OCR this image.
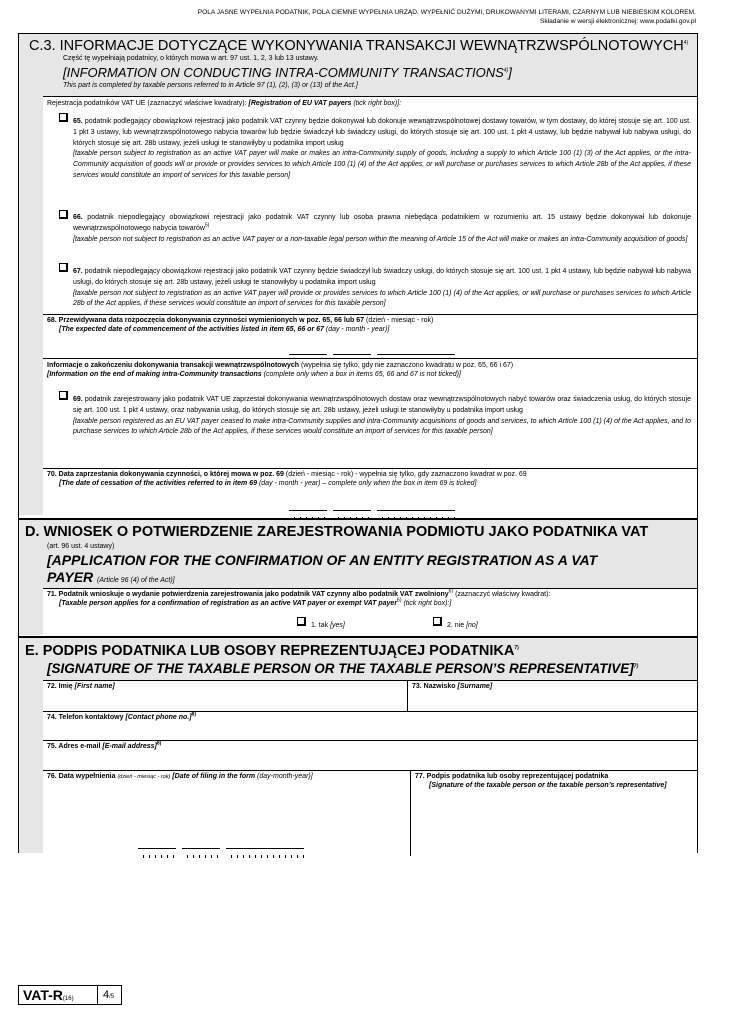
POLA JASNE WYPEŁNIA PODATNIK, POLA CIEMNE WYPEŁNIA URZĄD. WYPEŁNIĆ DUŻYMI, DRUKOWANYMI LITERAMI, CZARNYM LUB NIEBIESKIM KOLOREM.
Składanie w wersji elektronicznej: www.podatki.gov.pl
C.3. INFORMACJE DOTYCZĄCE WYKONYWANIA TRANSAKCJI WEWNĄTRZWSPÓLNOTOWYCH$^{4)}$
Część tę wypełniają podatnicy, o których mowa w art. 97 ust. 1, 2, 3 lub 13 ustawy.
[INFORMATION ON CONDUCTING INTRA-COMMUNITY TRANSACTIONS$^{4)}$]
This part is completed by taxable persons referred to in Article 97 (1), (2), (3) or (13) of the Act.]
Rejestracja podatników VAT UE (zaznaczyć właściwe kwadraty): [Registration of EU VAT payers (tick right box)]:
65. podatnik podlegający obowiązkowi rejestracji jako podatnik VAT czynny będzie dokonywał lub dokonuje wewnątrzwspólnotowej dostawy towarów, w tym dostawy, do której stosuje się art. 100 ust. 1 pkt 3 ustawy, lub wewnątrzwspólnotowego nabycia towarów lub będzie świadczył lub świadczy usługi, do których stosuje się art. 100 ust. 1 pkt 4 ustawy, lub będzie nabywał lub nabywa usługi, do których stosuje się art. 28b ustawy, jeżeli usługi te stanowiłyby u podatnika import usług
[taxable person subject to registration as an active VAT payer will make or makes an intra-Community supply of goods, including a supply to which Article 100 (1) (3) of the Act applies, or the intra-Community acquisition of goods will or provide or provides services to which Article 100 (1) (4) of the Act applies, or will purchase or purchases services to which Article 28b of the Act applies, if these services would constitute an import of services for this taxable person]
66. podatnik niepodlegający obowiązkowi rejestracji jako podatnik VAT czynny lub osoba prawna niebędąca podatnikiem w rozumieniu art. 15 ustawy będzie dokonywał lub dokonuje wewnątrzwspólnotowego nabycia towarów$^{5)}$
[taxable person not subject to registration as an active VAT payer or a non-taxable legal person within the meaning of Article 15 of the Act will make or makes an intra-Community acquisition of goods]
67. podatnik niepodlegający obowiązkowi rejestracji jako podatnik VAT czynny będzie świadczył lub świadczy usługi, do których stosuje się art. 100 ust. 1 pkt 4 ustawy, lub będzie nabywał lub nabywa usługi, do których stosuje się art. 28b ustawy, jeżeli usługi te stanowiłyby u podatnika import usług
[taxable person not subject to registration as an active VAT payer will provide or provides services to which Article 100 (1) (4) of the Act applies, or will purchase or purchases services to which Article 28b of the Act applies, if these services would constitute an import of services for this taxable person]
68. Przewidywana data rozpoczęcia dokonywania czynności wymienionych w poz. 65, 66 lub 67 (dzień - miesiąc - rok)
[The expected date of commencement of the activities listed in item 65, 66 or 67 (day - month - year)]
Informacje o zakończeniu dokonywania transakcji wewnątrzwspólnotowych (wypełnia się tylko, gdy nie zaznaczono kwadratu w poz. 65, 66 i 67)
[Information on the end of making intra-Community transactions (complete only when a box in items 65, 66 and 67 is not ticked)]
69. podatnik zarejestrowany jako podatnik VAT UE zaprzestał dokonywania wewnątrzwspólnotowych dostaw oraz wewnątrzwspólnotowych nabyć towarów oraz świadczenia usług, do których stosuje się art. 100 ust. 1 pkt 4 ustawy, oraz nabywania usług, do których stosuje się art. 28b ustawy, jeżeli usługi te stanowiłyby u podatnika import usług
[taxable person registered as an EU VAT payer ceased to make intra-Community supplies and intra-Community acquisitions of goods and services, to which Article 100 (1) (4) of the Act applies, and to purchase services to which Article 28b of the Act applies, if these services would constitute an import of services for this taxable person]
70. Data zaprzestania dokonywania czynności, o której mowa w poz. 69 (dzień - miesiąc - rok) - wypełnia się tylko, gdy zaznaczono kwadrat w poz. 69
[The date of cessation of the activities referred to in item 69 (day - month - year) – complete only when the box in item 69 is ticked]
D. WNIOSEK O POTWIERDZENIE ZAREJESTROWANIA PODMIOTU JAKO PODATNIKA VAT
(art. 96 ust. 4 ustawy)
[APPLICATION FOR THE CONFIRMATION OF AN ENTITY REGISTRATION AS A VAT
PAYER (Article 96 (4) of the Act)]
71. Podatnik wnioskuje o wydanie potwierdzenia zarejestrowania jako podatnik VAT czynny albo podatnik VAT zwolniony$^{6)}$ (zaznaczyć właściwy kwadrat):
[Taxable person applies for a confirmation of registration as an active VAT payer or exempt VAT payer$^{6)}$ (tick right box):]
1. tak [yes]	2. nie [no]
E. PODPIS PODATNIKA LUB OSOBY REPREZENTUJĄCEJ PODATNIKA$^{7)}$
[SIGNATURE OF THE TAXABLE PERSON OR THE TAXABLE PERSON’S REPRESENTATIVE]$^{7)}$
72. Imię [First name]	73. Nazwisko [Surname]
74. Telefon kontaktowy [Contact phone no.]$^{8)}$
75. Adres e-mail [E-mail address]$^{8)}$
76. Data wypełnienia (dzień - miesiąc - rok) [Date of filing in the form (day-month-year)]	77. Podpis podatnika lub osoby reprezentującej podatnika
[Signature of the taxable person or the taxable person’s representative]
VAT-R(16)	4/5
